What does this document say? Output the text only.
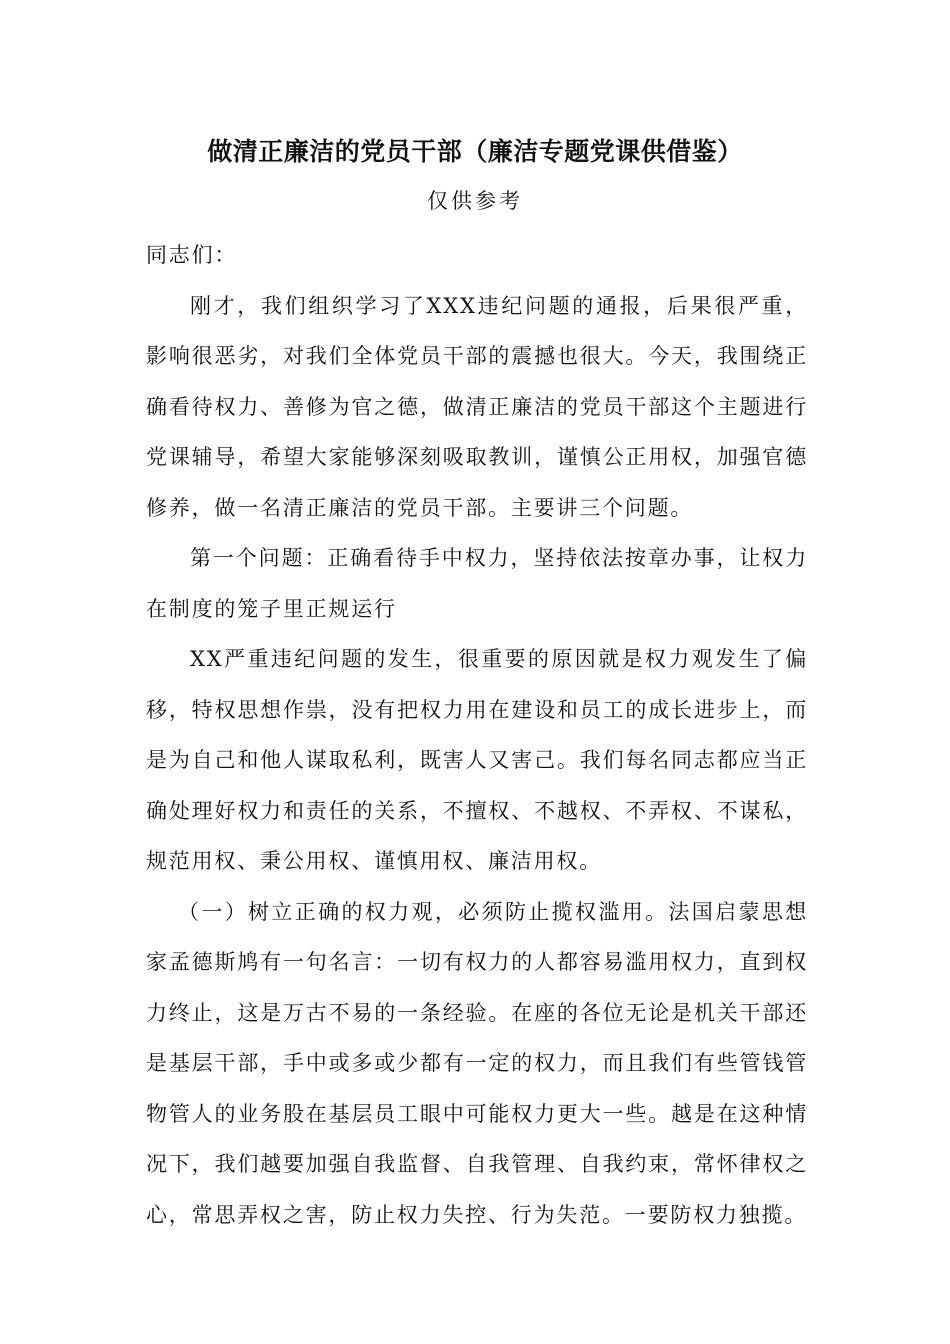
做清正廉洁的党员干部（廉洁专题党课供借鉴）
仅供参考

同志们：

刚才，我们组织学习了XXX违纪问题的通报，后果很严重，影响很恶劣，对我们全体党员干部的震撼也很大。今天，我围绕正确看待权力、善修为官之德，做清正廉洁的党员干部这个主题进行党课辅导，希望大家能够深刻吸取教训，谨慎公正用权，加强官德修养，做一名清正廉洁的党员干部。主要讲三个问题。

第一个问题：正确看待手中权力，坚持依法按章办事，让权力在制度的笼子里正规运行

XX严重违纪问题的发生，很重要的原因就是权力观发生了偏移，特权思想作祟，没有把权力用在建设和员工的成长进步上，而是为自己和他人谋取私利，既害人又害己。我们每名同志都应当正确处理好权力和责任的关系，不擅权、不越权、不弄权、不谋私，规范用权、秉公用权、谨慎用权、廉洁用权。

（一）树立正确的权力观，必须防止揽权滥用。法国启蒙思想家孟德斯鸠有一句名言：一切有权力的人都容易滥用权力，直到权力终止，这是万古不易的一条经验。在座的各位无论是机关干部还是基层干部，手中或多或少都有一定的权力，而且我们有些管钱管物管人的业务股在基层员工眼中可能权力更大一些。越是在这种情况下，我们越要加强自我监督、自我管理、自我约束，常怀律权之心，常思弄权之害，防止权力失控、行为失范。一要防权力独揽。
